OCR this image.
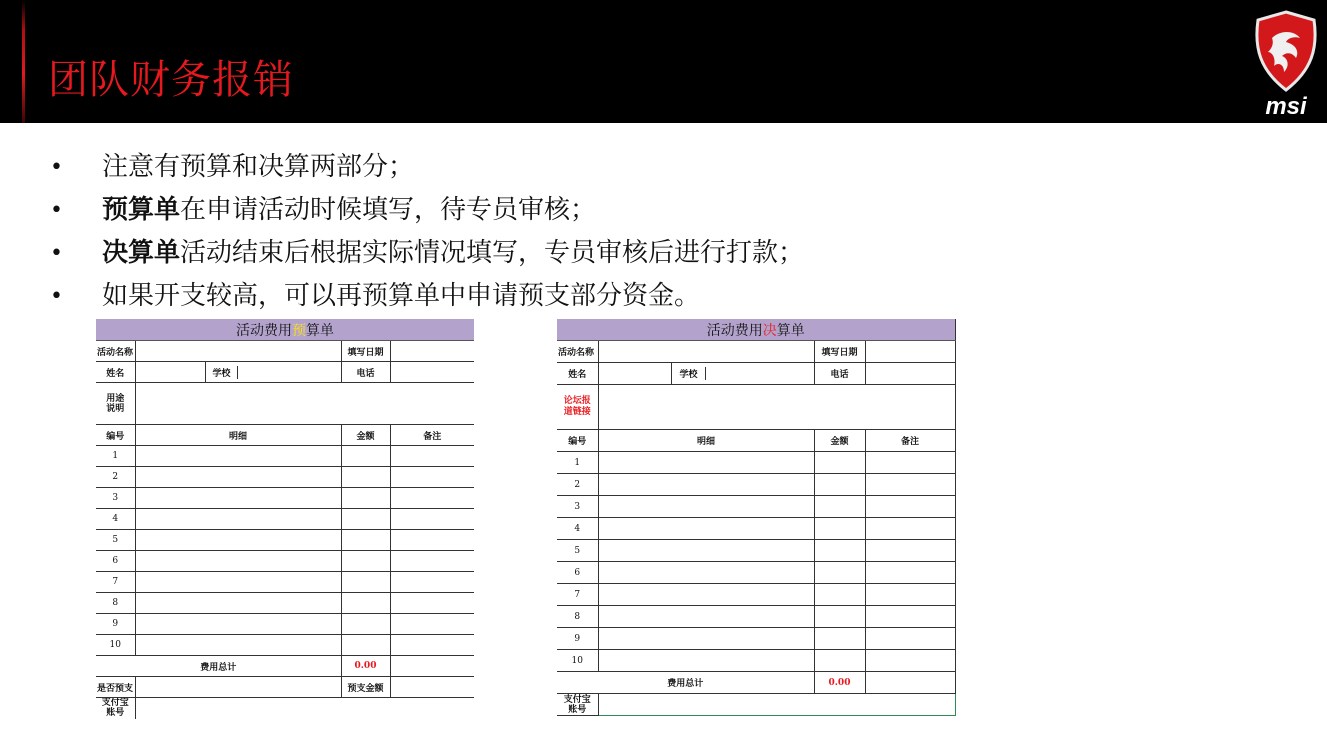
团队财务报销
msi
• 注意有预算和决算两部分；
• 预算单在申请活动时候填写，待专员审核；
• 决算单活动结束后根据实际情况填写，专员审核后进行打款；
• 如果开支较高，可以再预算单中申请预支部分资金。
活动费用预算单				
活动名称			填写日期	
姓名		学校	电话	
用途说明				
编号	明细		金额	备注
1				
2				
3				
4				
5				
6				
7				
8				
9				
10				
费用总计			0.00	
是否预支			预支金额	
支付宝账号				
活动费用决算单				
活动名称			填写日期	
姓名		学校	电话	
论坛报道链接				
编号	明细		金额	备注
1				
2				
3				
4				
5				
6				
7				
8				
9				
10				
费用总计			0.00	
支付宝账号				
